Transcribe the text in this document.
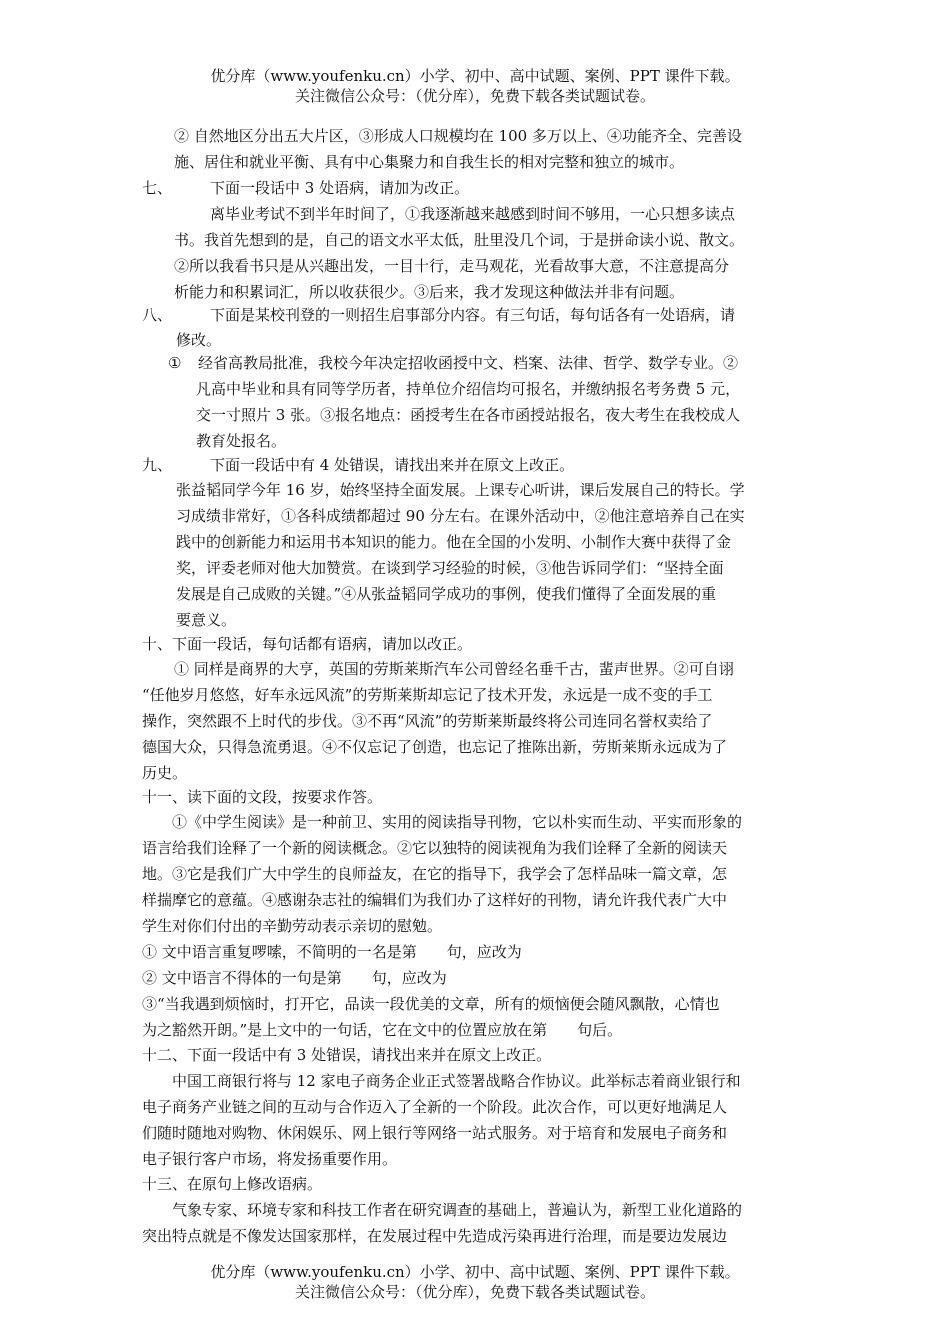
优分库（www.youfenku.cn）小学、初中、高中试题、案例、PPT 课件下载。
关注微信公众号：（优分库），免费下载各类试题试卷。
② 自然地区分出五大片区，③形成人口规模均在 100 多万以上、④功能齐全、完善设
施、居住和就业平衡、具有中心集聚力和自我生长的相对完整和独立的城市。
七、	下面一段话中 3 处语病，请加为改正。
离毕业考试不到半年时间了，①我逐渐越来越感到时间不够用，一心只想多读点
书。我首先想到的是，自己的语文水平太低，肚里没几个词，于是拼命读小说、散文。
②所以我看书只是从兴趣出发，一目十行，走马观花，光看故事大意，不注意提高分
析能力和积累词汇，所以收获很少。③后来，我才发现这种做法并非有问题。
八、	下面是某校刊登的一则招生启事部分内容。有三句话，每句话各有一处语病，请
修改。
① 经省高教局批准，我校今年决定招收函授中文、档案、法律、哲学、数学专业。②
凡高中毕业和具有同等学历者，持单位介绍信均可报名，并缴纳报名考务费 5 元，
交一寸照片 3 张。③报名地点：函授考生在各市函授站报名，夜大考生在我校成人
教育处报名。
九、	下面一段话中有 4 处错误，请找出来并在原文上改正。
张益韬同学今年 16 岁，始终坚持全面发展。上课专心听讲，课后发展自己的特长。学
习成绩非常好，①各科成绩都超过 90 分左右。在课外活动中，②他注意培养自己在实
践中的创新能力和运用书本知识的能力。他在全国的小发明、小制作大赛中获得了金
奖，评委老师对他大加赞赏。在谈到学习经验的时候，③他告诉同学们：“坚持全面
发展是自己成败的关键。”④从张益韬同学成功的事例，使我们懂得了全面发展的重
要意义。
十、下面一段话，每句话都有语病，请加以改正。
① 同样是商界的大亨，英国的劳斯莱斯汽车公司曾经名垂千古，蜚声世界。②可自诩
“任他岁月悠悠，好车永远风流”的劳斯莱斯却忘记了技术开发，永远是一成不变的手工
操作，突然跟不上时代的步伐。③不再“风流”的劳斯莱斯最终将公司连同名誉权卖给了
德国大众，只得急流勇退。④不仅忘记了创造，也忘记了推陈出新，劳斯莱斯永远成为了
历史。
十一、读下面的文段，按要求作答。
①《中学生阅读》是一种前卫、实用的阅读指导刊物，它以朴实而生动、平实而形象的
语言给我们诠释了一个新的阅读概念。②它以独特的阅读视角为我们诠释了全新的阅读天
地。③它是我们广大中学生的良师益友，在它的指导下，我学会了怎样品味一篇文章，怎
样揣摩它的意蕴。④感谢杂志社的编辑们为我们办了这样好的刊物，请允许我代表广大中
学生对你们付出的辛勤劳动表示亲切的慰勉。
① 文中语言重复啰嗦，不简明的一名是第　　句，应改为
② 文中语言不得体的一句是第　　句，应改为
③“当我遇到烦恼时，打开它，品读一段优美的文章，所有的烦恼便会随风飘散，心情也
为之豁然开朗。”是上文中的一句话，它在文中的位置应放在第　　句后。
十二、下面一段话中有 3 处错误，请找出来并在原文上改正。
中国工商银行将与 12 家电子商务企业正式签署战略合作协议。此举标志着商业银行和
电子商务产业链之间的互动与合作迈入了全新的一个阶段。此次合作，可以更好地满足人
们随时随地对购物、休闲娱乐、网上银行等网络一站式服务。对于培育和发展电子商务和
电子银行客户市场，将发扬重要作用。
十三、在原句上修改语病。
气象专家、环境专家和科技工作者在研究调查的基础上，普遍认为，新型工业化道路的
突出特点就是不像发达国家那样，在发展过程中先造成污染再进行治理，而是要边发展边
优分库（www.youfenku.cn）小学、初中、高中试题、案例、PPT 课件下载。
关注微信公众号：（优分库），免费下载各类试题试卷。
